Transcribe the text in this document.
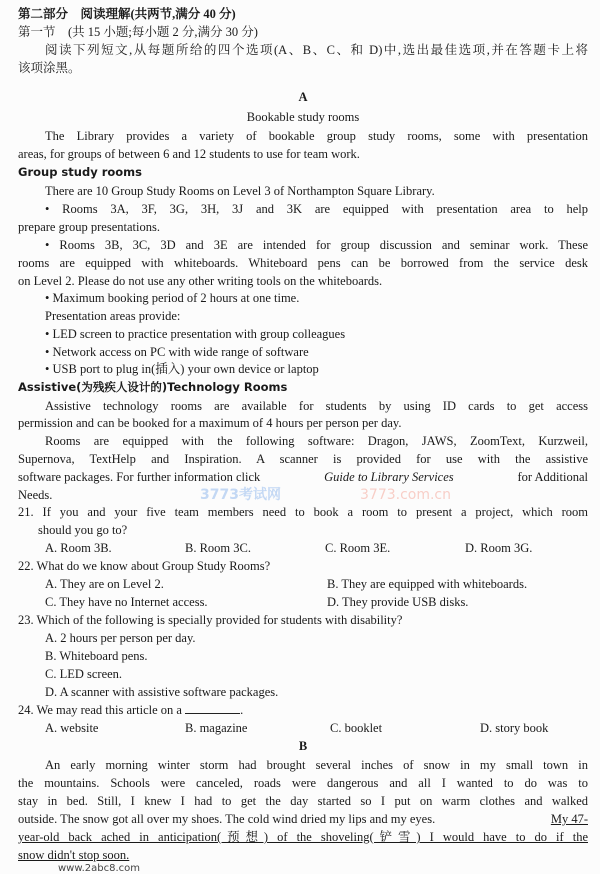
第二部分　阅读理解(共两节,满分 40 分)
第一节　(共 15 小题;每小题 2 分,满分 30 分)
阅读下列短文,从每题所给的四个选项(A、B、C、和 D)中,选出最佳选项,并在答题卡上将
该项涂黑。
A
Bookable study rooms
The Library provides a variety of bookable group study rooms, some with presentation
areas, for groups of between 6 and 12 students to use for team work.
Group study rooms
There are 10 Group Study Rooms on Level 3 of Northampton Square Library.
• Rooms 3A, 3F, 3G, 3H, 3J and 3K are equipped with presentation area to help
prepare group presentations.
• Rooms 3B, 3C, 3D and 3E are intended for group discussion and seminar work. These
rooms are equipped with whiteboards. Whiteboard pens can be borrowed from the service desk
on Level 2. Please do not use any other writing tools on the whiteboards.
• Maximum booking period of 2 hours at one time.
Presentation areas provide:
• LED screen to practice presentation with group colleagues
• Network access on PC with wide range of software
• USB port to plug in(插入) your own device or laptop
Assistive(为残疾人设计的)Technology Rooms
Assistive technology rooms are available for students by using ID cards to get access
permission and can be booked for a maximum of 4 hours per person per day.
Rooms are equipped with the following software: Dragon, JAWS, ZoomText, Kurzweil,
Supernova, TextHelp and Inspiration. A scanner is provided for use with the assistive
software packages. For further information click	Guide to Library Services	for Additional
Needs.	3773考试网	3773.com.cn
21. If you and your five team members need to book a room to present a project, which room
should you go to?
A. Room 3B.	B. Room 3C.	C. Room 3E.	D. Room 3G.
22. What do we know about Group Study Rooms?
A. They are on Level 2.	B. They are equipped with whiteboards.
C. They have no Internet access.	D. They provide USB disks.
23. Which of the following is specially provided for students with disability?
A. 2 hours per person per day.
B. Whiteboard pens.
C. LED screen.
D. A scanner with assistive software packages.
24. We may read this article on a	.
A. website	B. magazine	C. booklet	D. story book
B
An early morning winter storm had brought several inches of snow in my small town in
the mountains. Schools were canceled, roads were dangerous and all I wanted to do was to
stay in bed. Still, I knew I had to get the day started so I put on warm clothes and walked
outside. The snow got all over my shoes. The cold wind dried my lips and my eyes.	My 47-
year-old back ached in anticipation(预想) of the shoveling(铲雪) I would have to do if the
snow didn't stop soon.
www.2abc8.com
